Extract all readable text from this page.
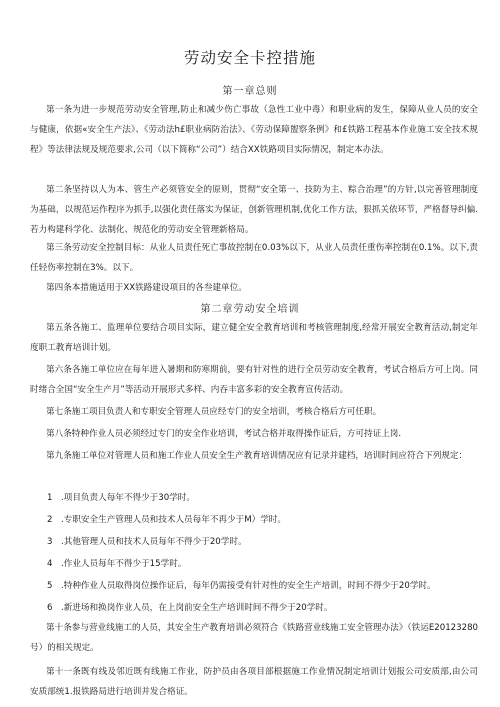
劳动安全卡控措施
第一章总则
第一条为进一步规范劳动安全管理,防止和减少伤亡事故（急性工业中毒）和职业病的发生，保障从业人员的安全与健康，依据«安全生产法》、《劳动法h£职业病防治法》、《劳动保障盥察条例》和£铁路工程基本作业施工安全技术规程》等法律法规及规范要求,公司（以下简称“公司”）结合XX铁路项目实际情况，制定本办法。
第二条坚持以人为本、管生产必须管安全的原则，贯彻“安全第一、技防为主、粽合治理”的方针,以完善管理制度为基础，以规范运作程序为抓手,以强化责任落实为保证，创新管理机制,优化工作方法，狠抓关依环节，严格督导纠偏.若力构建科学化、法制化、规范化的劳动安全管理新格局。
第三条劳动安全控制目标：从业人员责任死亡事故控制在0.03%以下，从业人员责任重伤率控制在0.1%。以下,责任轻伤率控制在3%。以下。
第四条本措施适用于XX铁路建设项目的各叁建单位。
第二章劳动安全培训
第五条各施工、监理单位要结合项目实际，建立健全安全教育培训和考核管理制度,经常开展安全教育活动,制定年度职工教育培训计划。
第六条各施工单位应在每年进入暑期和防寒期前，要有针对性的进行全员劳动安全教育，考试合格后方可上岗。同时绪合全国“安全生产月”等活动开展形式多样、内吞丰富多彩的安全教育宣传活动。
第七条施工项目负责人和专职安全管理人员应经专门的安全培训，考核合格后方可任职。
第八条特种作业人员必须经过专门的安全作业培训，考试合格并取得操作证后，方可持证上岗.
第九条施工单位对管理人员和施工作业人员安全生产教育培训情况应有记录并建档，培训时间应符合下列规定：
1 .项目负责人每年不得少于30学时。
2 .专职安全生产管理人员和技术人员每年不再少于M）学时。
3 .其他管理人员和技术人员每年不得少于20学时。
4 .作业人员每年不得少于15学时。
5 .特种作业人员取得岗位操作证后，每年仍需接受有针对性的安全生产培训，时间不得少于20学时。
6 .新进场和换岗作业人员，在上岗前安全生产培训时间不得少于20学时。
第十条参与营业线施工的人员，其安全生产教育培训必须符合《铁路营业线施工安全管理办法》（铁运E20123280号）的相关规定。
第十一条既有线及邻近既有线施工作业，防护员由各项目部根据施工作业情况制定培训计划报公司安质部,由公司安质部统1.报铁路局进行培训并发合格证。
